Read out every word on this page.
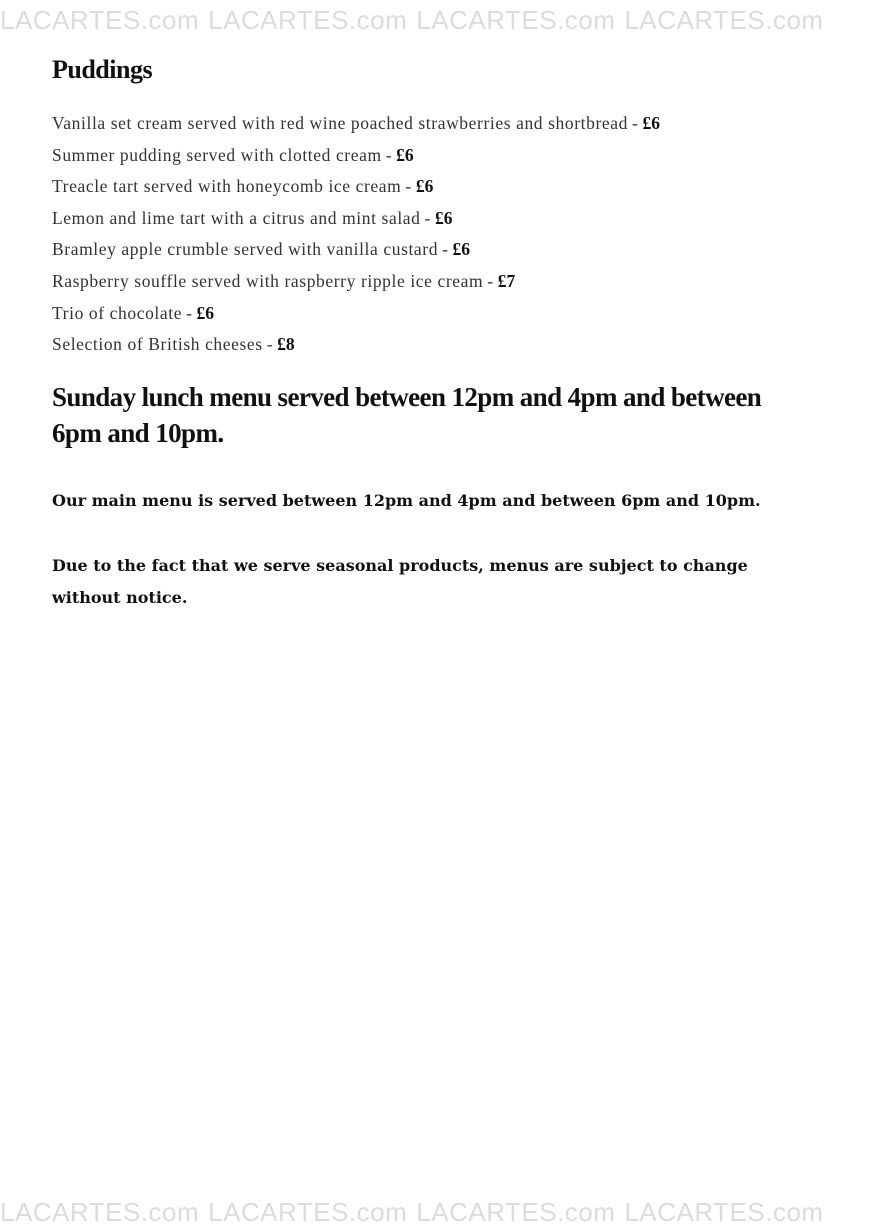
LACARTES.com LACARTES.com LACARTES.com LACARTES.com
Puddings
Vanilla set cream served with red wine poached strawberries and shortbread - £6
Summer pudding served with clotted cream - £6
Treacle tart served with honeycomb ice cream - £6
Lemon and lime tart with a citrus and mint salad - £6
Bramley apple crumble served with vanilla custard - £6
Raspberry souffle served with raspberry ripple ice cream - £7
Trio of chocolate - £6
Selection of British cheeses - £8
Sunday lunch menu served between 12pm and 4pm and between 6pm and 10pm.

Our main menu is served between 12pm and 4pm and between 6pm and 10pm.

Due to the fact that we serve seasonal products, menus are subject to change without notice.

LACARTES.com LACARTES.com LACARTES.com LACARTES.com
